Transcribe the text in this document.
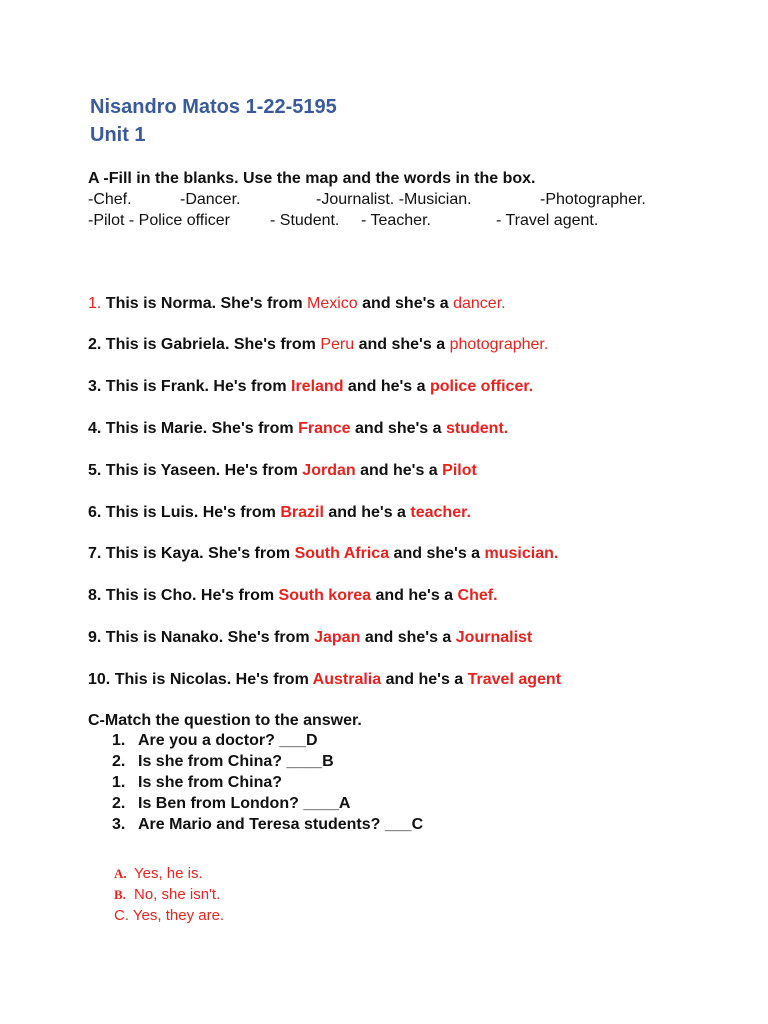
Nisandro Matos 1-22-5195
Unit 1
A -Fill in the blanks. Use the map and the words in the box.
-Chef.	-Dancer.	-Journalist. -Musician.	-Photographer.
-Pilot - Police officer	- Student. - Teacher.	- Travel agent.
1. This is Norma. She's from Mexico and she's a dancer.
2. This is Gabriela. She's from Peru and she's a photographer.
3. This is Frank. He's from Ireland and he's a police officer.
4. This is Marie. She's from France and she's a student.
5. This is Yaseen. He's from Jordan and he's a Pilot
6. This is Luis. He's from Brazil and he's a teacher.
7. This is Kaya. She's from South Africa and she's a musician.
8. This is Cho. He's from South korea and he's a Chef.
9. This is Nanako. She's from Japan and she's a Journalist
10. This is Nicolas. He's from Australia and he's a Travel agent
C-Match the question to the answer.
1. Are you a doctor? ___D
2. Is she from China? ____B
1. Is she from China?
2. Is Ben from London? ____A
3. Are Mario and Teresa students? ___C
A. Yes, he is.
B. No, she isn't.
C. Yes, they are.
